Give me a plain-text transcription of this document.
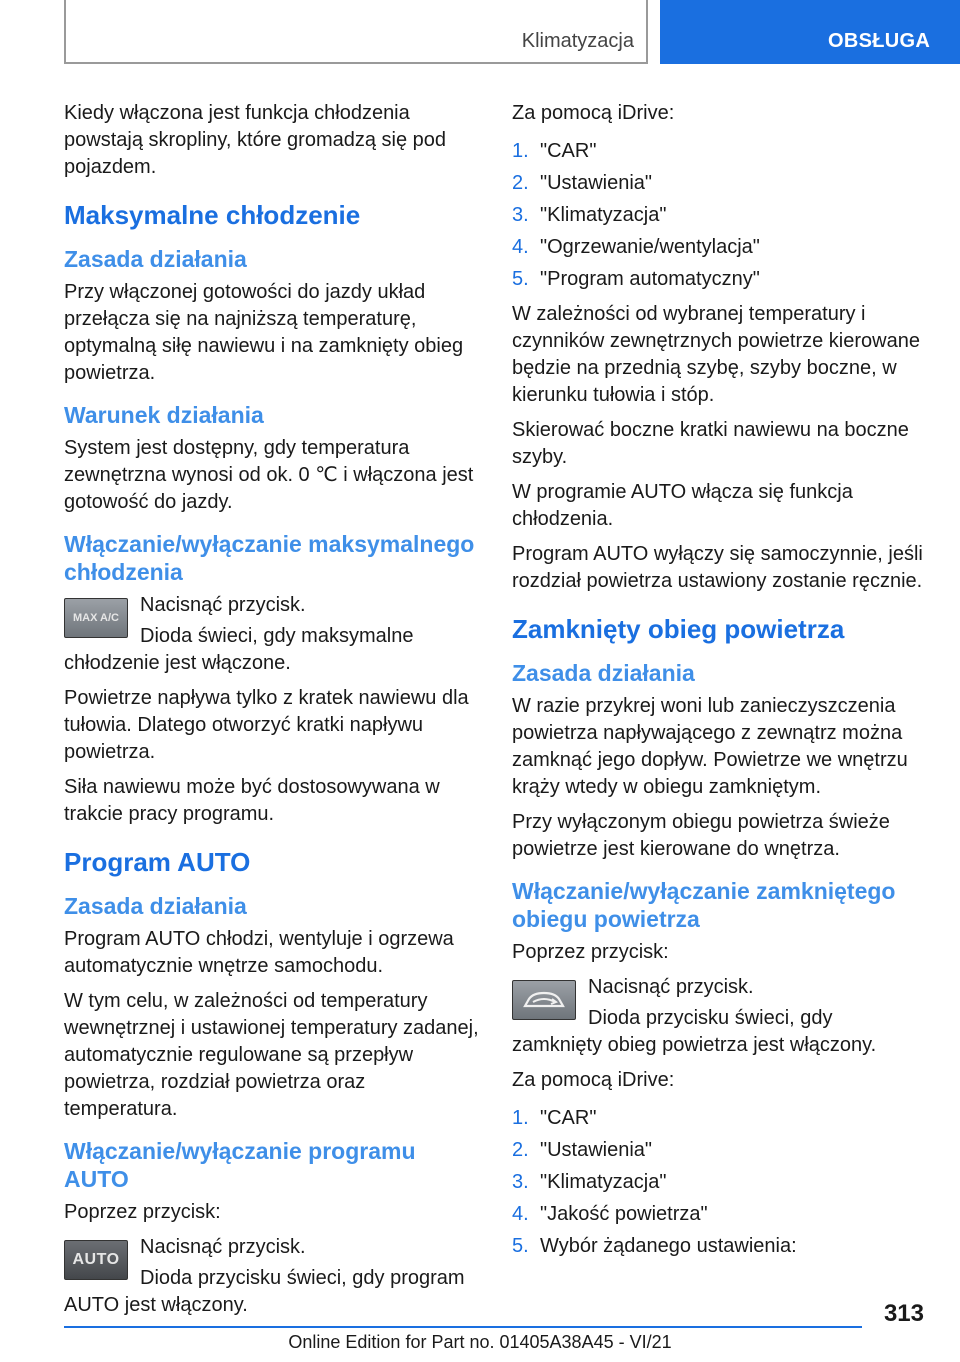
Klimatyzacja	OBSŁUGA

Kiedy włączona jest funkcja chłodzenia powstają skropliny, które gromadzą się pod pojazdem.

Maksymalne chłodzenie
Zasada działania

Przy włączonej gotowości do jazdy układ przełącza się na najniższą temperaturę, optymalną siłę nawiewu i na zamknięty obieg powietrza.

Warunek działania

System jest dostępny, gdy temperatura zewnętrzna wynosi od ok. 0 ℃ i włączona jest gotowość do jazdy.

Włączanie/wyłączanie maksymalnego chłodzenia
MAX A/C

Nacisnąć przycisk.

Dioda świeci, gdy maksymalne chłodzenie jest włączone.

Powietrze napływa tylko z kratek nawiewu dla tułowia. Dlatego otworzyć kratki napływu powietrza.

Siła nawiewu może być dostosowywana w trakcie pracy programu.

Program AUTO
Zasada działania

Program AUTO chłodzi, wentyluje i ogrzewa automatycznie wnętrze samochodu.

W tym celu, w zależności od temperatury wewnętrznej i ustawionej temperatury zadanej, automatycznie regulowane są przepływ powietrza, rozdział powietrza oraz temperatura.

Włączanie/wyłączanie programu AUTO

Poprzez przycisk:

AUTO

Nacisnąć przycisk.

Dioda przycisku świeci, gdy program AUTO jest włączony.

Za pomocą iDrive:

1. "CAR"
2. "Ustawienia"
3. "Klimatyzacja"
4. "Ogrzewanie/wentylacja"
5. "Program automatyczny"

W zależności od wybranej temperatury i czynników zewnętrznych powietrze kierowane będzie na przednią szybę, szyby boczne, w kierunku tułowia i stóp.

Skierować boczne kratki nawiewu na boczne szyby.

W programie AUTO włącza się funkcja chłodzenia.

Program AUTO wyłączy się samoczynnie, jeśli rozdział powietrza ustawiony zostanie ręcznie.

Zamknięty obieg powietrza
Zasada działania

W razie przykrej woni lub zanieczyszczenia powietrza napływającego z zewnątrz można zamknąć jego dopływ. Powietrze we wnętrzu krąży wtedy w obiegu zamkniętym.

Przy wyłączonym obiegu powietrza świeże powietrze jest kierowane do wnętrza.

Włączanie/wyłączanie zamkniętego obiegu powietrza

Poprzez przycisk:

Nacisnąć przycisk.

Dioda przycisku świeci, gdy zamknięty obieg powietrza jest włączony.

Za pomocą iDrive:

1. "CAR"
2. "Ustawienia"
3. "Klimatyzacja"
4. "Jakość powietrza"
5. Wybór żądanego ustawienia:
313
Online Edition for Part no. 01405A38A45 - VI/21
